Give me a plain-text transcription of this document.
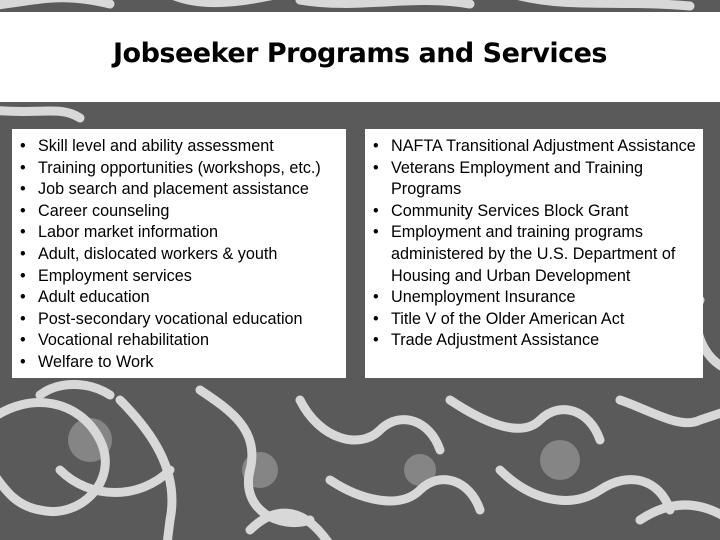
Jobseeker Programs and Services
• Skill level and ability assessment
• Training opportunities (workshops, etc.)
• Job search and placement assistance
• Career counseling
• Labor market information
• Adult, dislocated workers & youth
• Employment services
• Adult education
• Post-secondary vocational education
• Vocational rehabilitation
• Welfare to Work
• NAFTA Transitional Adjustment Assistance
• Veterans Employment and Training Programs
• Community Services Block Grant
• Employment and training programs administered by the U.S. Department of Housing and Urban Development
• Unemployment Insurance
• Title V of the Older American Act
• Trade Adjustment Assistance
